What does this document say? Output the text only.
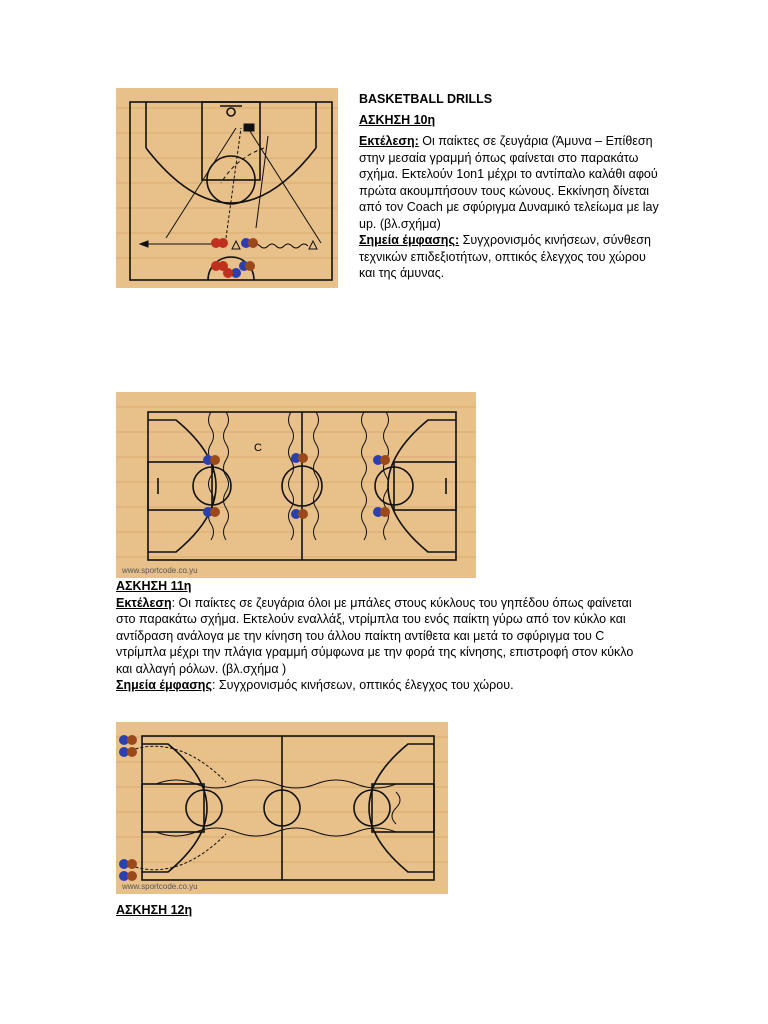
BASKETBALL DRILLS
ΑΣΚΗΣΗ 10η
Εκτέλεση: Οι παίκτες σε ζευγάρια (Άμυνα – Επίθεση στην μεσαία γραμμή όπως φαίνεται στο παρακάτω σχήμα. Εκτελούν 1on1 μέχρι το αντίπαλο καλάθι αφού πρώτα ακουμπήσουν τους κώνους. Εκκίνηση δίνεται από τον Coach με σφύριγμα Δυναμικό τελείωμα με lay up. (βλ.σχήμα)
Σημεία έμφασης: Συγχρονισμός κινήσεων, σύνθεση τεχνικών επιδεξιοτήτων, οπτικός έλεγχος του χώρου και της άμυνας.
C
www.sportcode.co.yu
ΑΣΚΗΣΗ 11η
Εκτέλεση: Οι παίκτες σε ζευγάρια όλοι με μπάλες στους κύκλους του γηπέδου όπως φαίνεται στο παρακάτω σχήμα. Εκτελούν εναλλάξ, ντρίμπλα του ενός παίκτη γύρω από τον κύκλο και αντίδραση ανάλογα με την κίνηση του άλλου παίκτη αντίθετα και μετά το σφύριγμα του C ντρίμπλα μέχρι την πλάγια γραμμή σύμφωνα με την φορά της κίνησης, επιστροφή στον κύκλο και αλλαγή ρόλων. (βλ.σχήμα )
Σημεία έμφασης: Συγχρονισμός κινήσεων, οπτικός έλεγχος του χώρου.
www.sportcode.co.yu
ΑΣΚΗΣΗ 12η
